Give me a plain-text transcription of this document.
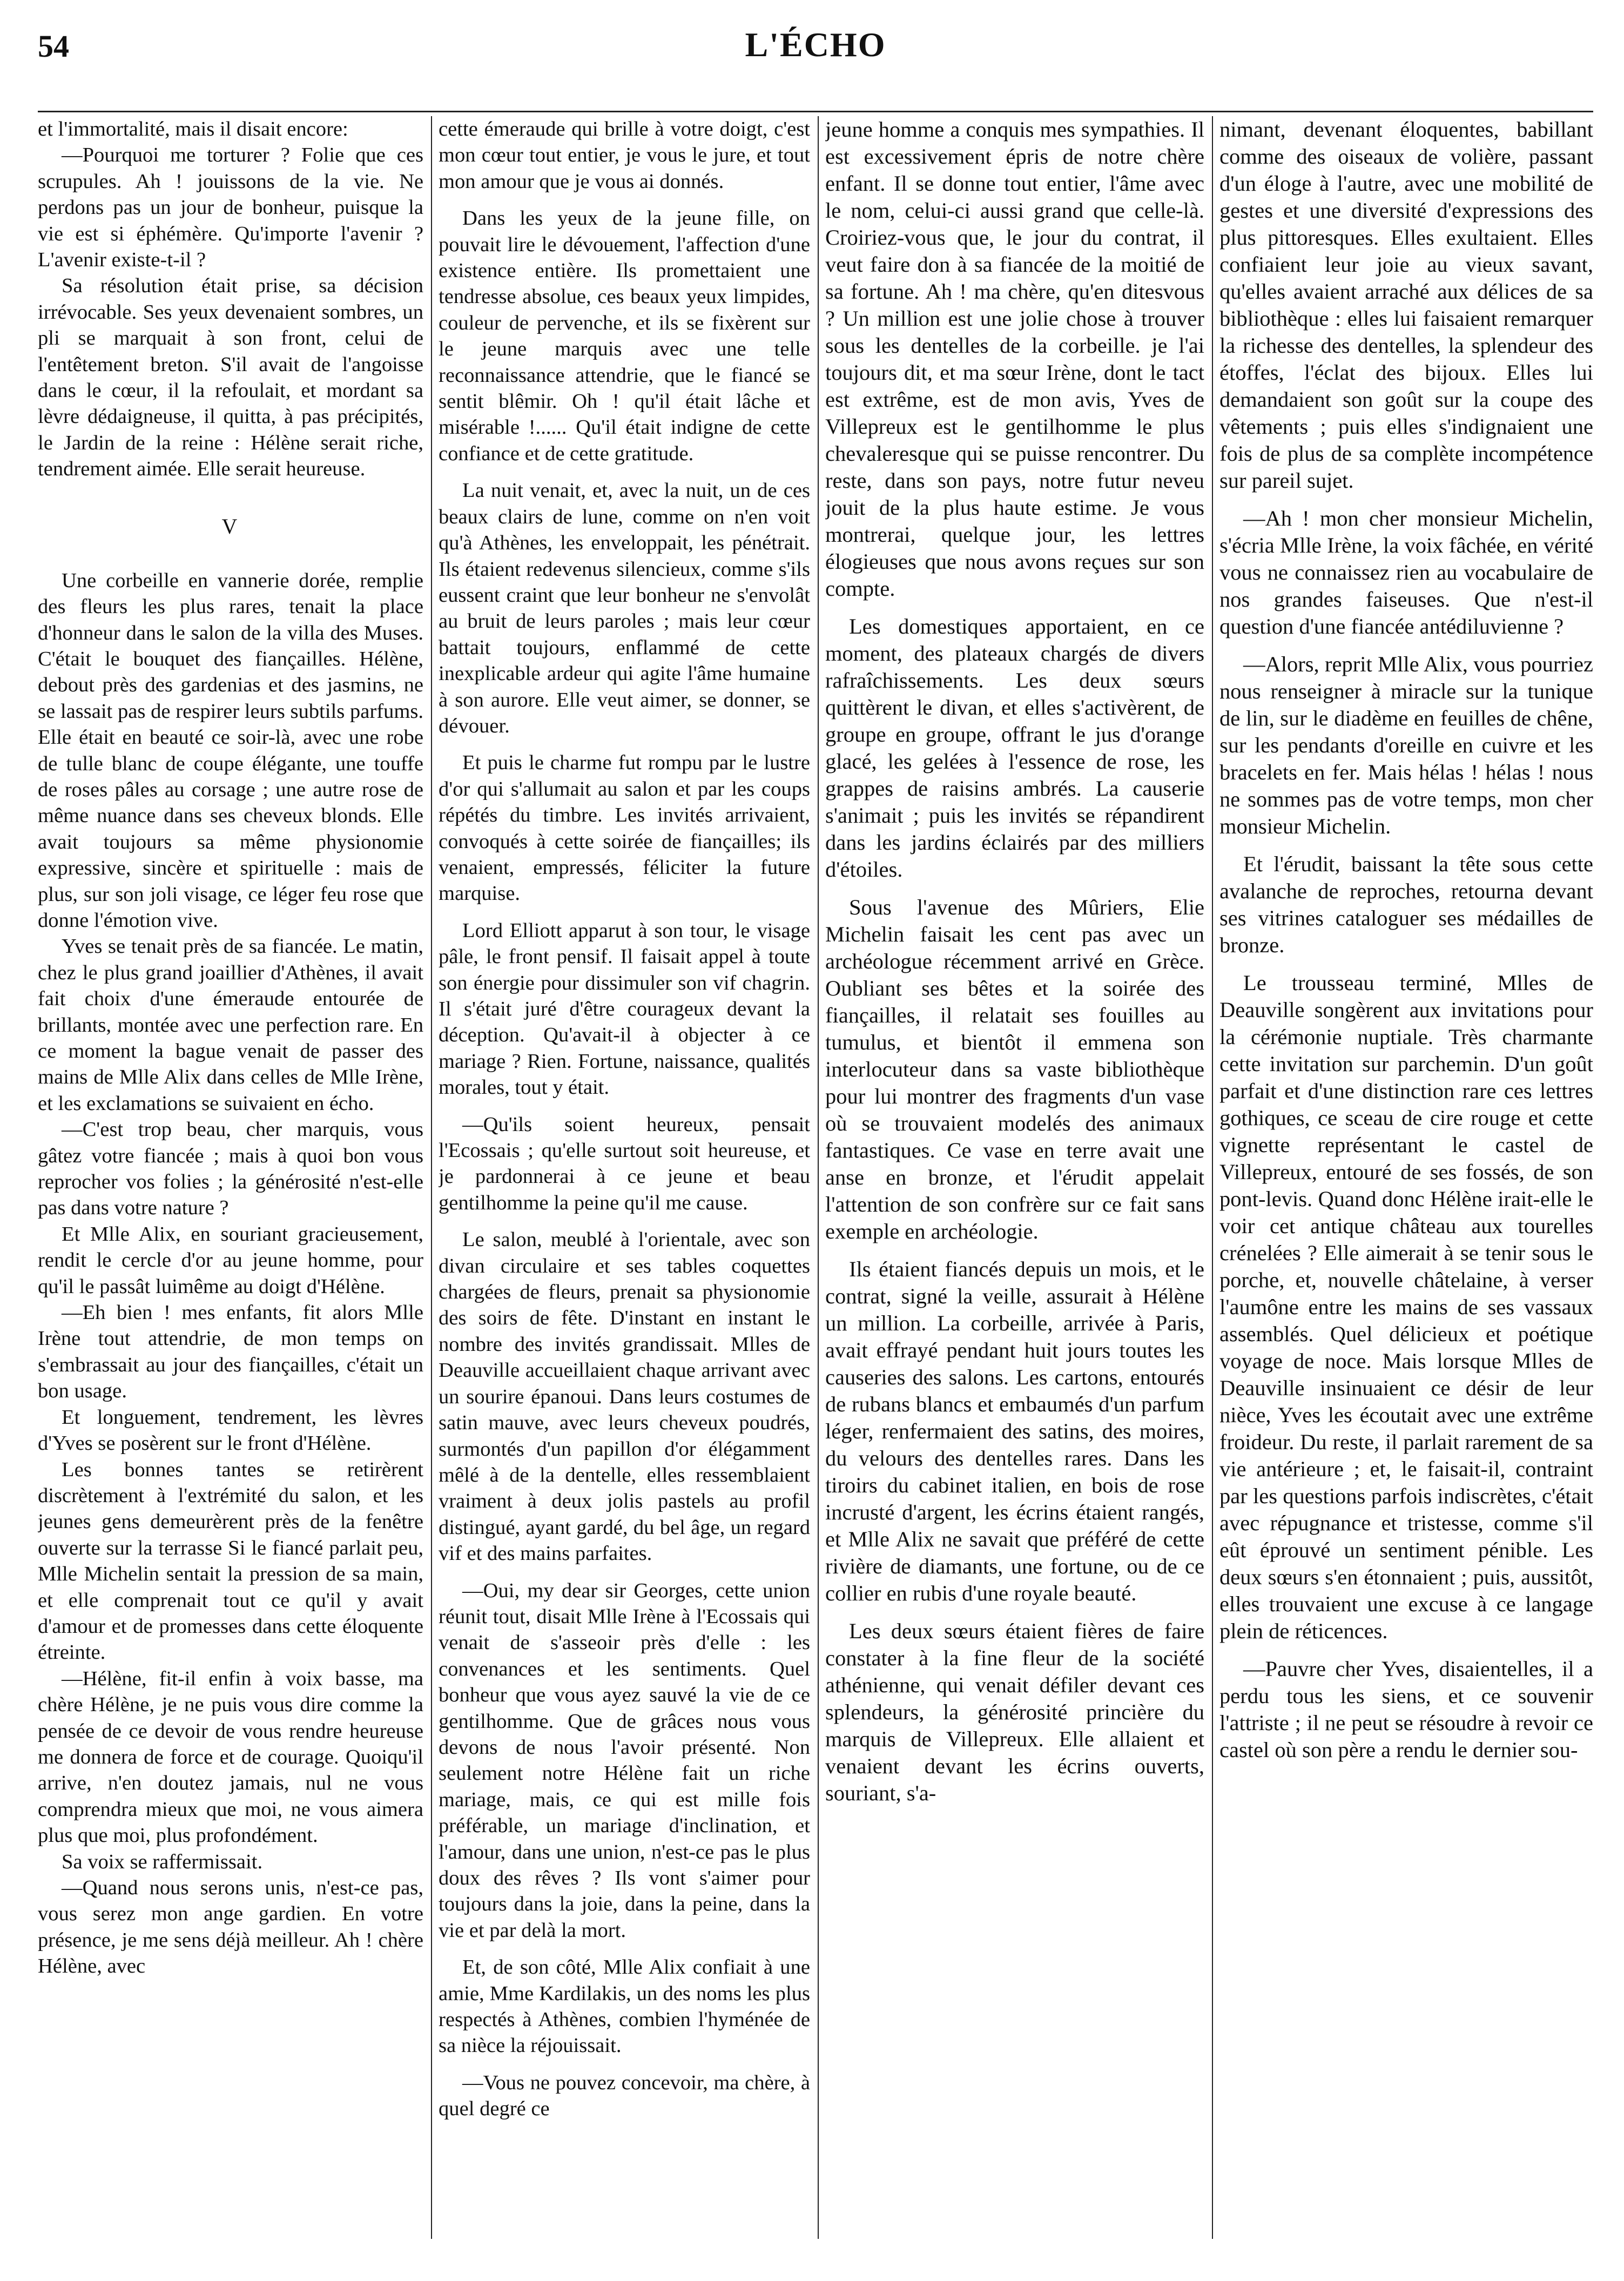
54	L'ÉCHO

et l'immortalité, mais il disait encore:

—Pourquoi me torturer ? Folie que ces scrupules. Ah ! jouissons de la vie. Ne perdons pas un jour de bonheur, puisque la vie est si éphémère. Qu'importe l'avenir ? L'avenir existe-t-il ?

Sa résolution était prise, sa décision irrévocable. Ses yeux devenaient sombres, un pli se marquait à son front, celui de l'entêtement breton. S'il avait de l'angoisse dans le cœur, il la refoulait, et mordant sa lèvre dédaigneuse, il quitta, à pas précipités, le Jardin de la reine : Hélène serait riche, tendrement aimée. Elle serait heureuse.

V

Une corbeille en vannerie dorée, remplie des fleurs les plus rares, tenait la place d'honneur dans le salon de la villa des Muses. C'était le bouquet des fiançailles. Hélène, debout près des gardenias et des jasmins, ne se lassait pas de respirer leurs subtils parfums. Elle était en beauté ce soir-là, avec une robe de tulle blanc de coupe élégante, une touffe de roses pâles au corsage ; une autre rose de même nuance dans ses cheveux blonds. Elle avait toujours sa même physionomie expressive, sincère et spirituelle : mais de plus, sur son joli visage, ce léger feu rose que donne l'émotion vive.

Yves se tenait près de sa fiancée. Le matin, chez le plus grand joaillier d'Athènes, il avait fait choix d'une émeraude entourée de brillants, montée avec une perfection rare. En ce moment la bague venait de passer des mains de Mlle Alix dans celles de Mlle Irène, et les exclamations se suivaient en écho.

—C'est trop beau, cher marquis, vous gâtez votre fiancée ; mais à quoi bon vous reprocher vos folies ; la générosité n'est-elle pas dans votre nature ?

Et Mlle Alix, en souriant gracieusement, rendit le cercle d'or au jeune homme, pour qu'il le passât luimême au doigt d'Hélène.

—Eh bien ! mes enfants, fit alors Mlle Irène tout attendrie, de mon temps on s'embrassait au jour des fiançailles, c'était un bon usage.

Et longuement, tendrement, les lèvres d'Yves se posèrent sur le front d'Hélène.

Les bonnes tantes se retirèrent discrètement à l'extrémité du salon, et les jeunes gens demeurèrent près de la fenêtre ouverte sur la terrasse Si le fiancé parlait peu, Mlle Michelin sentait la pression de sa main, et elle comprenait tout ce qu'il y avait d'amour et de promesses dans cette éloquente étreinte.

—Hélène, fit-il enfin à voix basse, ma chère Hélène, je ne puis vous dire comme la pensée de ce devoir de vous rendre heureuse me donnera de force et de courage. Quoiqu'il arrive, n'en doutez jamais, nul ne vous comprendra mieux que moi, ne vous aimera plus que moi, plus profondément.

Sa voix se raffermissait.

—Quand nous serons unis, n'est-ce pas, vous serez mon ange gardien. En votre présence, je me sens déjà meilleur. Ah ! chère Hélène, avec

cette émeraude qui brille à votre doigt, c'est mon cœur tout entier, je vous le jure, et tout mon amour que je vous ai donnés.

Dans les yeux de la jeune fille, on pouvait lire le dévouement, l'affection d'une existence entière. Ils promettaient une tendresse absolue, ces beaux yeux limpides, couleur de pervenche, et ils se fixèrent sur le jeune marquis avec une telle reconnaissance attendrie, que le fiancé se sentit blêmir. Oh ! qu'il était lâche et misérable !...... Qu'il était indigne de cette confiance et de cette gratitude.

La nuit venait, et, avec la nuit, un de ces beaux clairs de lune, comme on n'en voit qu'à Athènes, les enveloppait, les pénétrait. Ils étaient redevenus silencieux, comme s'ils eussent craint que leur bonheur ne s'envolât au bruit de leurs paroles ; mais leur cœur battait toujours, enflammé de cette inexplicable ardeur qui agite l'âme humaine à son aurore. Elle veut aimer, se donner, se dévouer.

Et puis le charme fut rompu par le lustre d'or qui s'allumait au salon et par les coups répétés du timbre. Les invités arrivaient, convoqués à cette soirée de fiançailles; ils venaient, empressés, féliciter la future marquise.

Lord Elliott apparut à son tour, le visage pâle, le front pensif. Il faisait appel à toute son énergie pour dissimuler son vif chagrin. Il s'était juré d'être courageux devant la déception. Qu'avait-il à objecter à ce mariage ? Rien. Fortune, naissance, qualités morales, tout y était.

—Qu'ils soient heureux, pensait l'Ecossais ; qu'elle surtout soit heureuse, et je pardonnerai à ce jeune et beau gentilhomme la peine qu'il me cause.

Le salon, meublé à l'orientale, avec son divan circulaire et ses tables coquettes chargées de fleurs, prenait sa physionomie des soirs de fête. D'instant en instant le nombre des invités grandissait. Mlles de Deauville accueillaient chaque arrivant avec un sourire épanoui. Dans leurs costumes de satin mauve, avec leurs cheveux poudrés, surmontés d'un papillon d'or élégamment mêlé à de la dentelle, elles ressemblaient vraiment à deux jolis pastels au profil distingué, ayant gardé, du bel âge, un regard vif et des mains parfaites.

—Oui, my dear sir Georges, cette union réunit tout, disait Mlle Irène à l'Ecossais qui venait de s'asseoir près d'elle : les convenances et les sentiments. Quel bonheur que vous ayez sauvé la vie de ce gentilhomme. Que de grâces nous vous devons de nous l'avoir présenté. Non seulement notre Hélène fait un riche mariage, mais, ce qui est mille fois préférable, un mariage d'inclination, et l'amour, dans une union, n'est-ce pas le plus doux des rêves ? Ils vont s'aimer pour toujours dans la joie, dans la peine, dans la vie et par delà la mort.

Et, de son côté, Mlle Alix confiait à une amie, Mme Kardilakis, un des noms les plus respectés à Athènes, combien l'hyménée de sa nièce la réjouissait.

—Vous ne pouvez concevoir, ma chère, à quel degré ce

jeune homme a conquis mes sympathies. Il est excessivement épris de notre chère enfant. Il se donne tout entier, l'âme avec le nom, celui-ci aussi grand que celle-là. Croiriez-vous que, le jour du contrat, il veut faire don à sa fiancée de la moitié de sa fortune. Ah ! ma chère, qu'en ditesvous ? Un million est une jolie chose à trouver sous les dentelles de la corbeille. je l'ai toujours dit, et ma sœur Irène, dont le tact est extrême, est de mon avis, Yves de Villepreux est le gentilhomme le plus chevaleresque qui se puisse rencontrer. Du reste, dans son pays, notre futur neveu jouit de la plus haute estime. Je vous montrerai, quelque jour, les lettres élogieuses que nous avons reçues sur son compte.

Les domestiques apportaient, en ce moment, des plateaux chargés de divers rafraîchissements. Les deux sœurs quittèrent le divan, et elles s'activèrent, de groupe en groupe, offrant le jus d'orange glacé, les gelées à l'essence de rose, les grappes de raisins ambrés. La causerie s'animait ; puis les invités se répandirent dans les jardins éclairés par des milliers d'étoiles.

Sous l'avenue des Mûriers, Elie Michelin faisait les cent pas avec un archéologue récemment arrivé en Grèce. Oubliant ses bêtes et la soirée des fiançailles, il relatait ses fouilles au tumulus, et bientôt il emmena son interlocuteur dans sa vaste bibliothèque pour lui montrer des fragments d'un vase où se trouvaient modelés des animaux fantastiques. Ce vase en terre avait une anse en bronze, et l'érudit appelait l'attention de son confrère sur ce fait sans exemple en archéologie.

Ils étaient fiancés depuis un mois, et le contrat, signé la veille, assurait à Hélène un million. La corbeille, arrivée à Paris, avait effrayé pendant huit jours toutes les causeries des salons. Les cartons, entourés de rubans blancs et embaumés d'un parfum léger, renfermaient des satins, des moires, du velours des dentelles rares. Dans les tiroirs du cabinet italien, en bois de rose incrusté d'argent, les écrins étaient rangés, et Mlle Alix ne savait que préféré de cette rivière de diamants, une fortune, ou de ce collier en rubis d'une royale beauté.

Les deux sœurs étaient fières de faire constater à la fine fleur de la société athénienne, qui venait défiler devant ces splendeurs, la générosité princière du marquis de Villepreux. Elle allaient et venaient devant les écrins ouverts, souriant, s'a-

nimant, devenant éloquentes, babillant comme des oiseaux de volière, passant d'un éloge à l'autre, avec une mobilité de gestes et une diversité d'expressions des plus pittoresques. Elles exultaient. Elles confiaient leur joie au vieux savant, qu'elles avaient arraché aux délices de sa bibliothèque : elles lui faisaient remarquer la richesse des dentelles, la splendeur des étoffes, l'éclat des bijoux. Elles lui demandaient son goût sur la coupe des vêtements ; puis elles s'indignaient une fois de plus de sa complète incompétence sur pareil sujet.

—Ah ! mon cher monsieur Michelin, s'écria Mlle Irène, la voix fâchée, en vérité vous ne connaissez rien au vocabulaire de nos grandes faiseuses. Que n'est-il question d'une fiancée antédiluvienne ?

—Alors, reprit Mlle Alix, vous pourriez nous renseigner à miracle sur la tunique de lin, sur le diadème en feuilles de chêne, sur les pendants d'oreille en cuivre et les bracelets en fer. Mais hélas ! hélas ! nous ne sommes pas de votre temps, mon cher monsieur Michelin.

Et l'érudit, baissant la tête sous cette avalanche de reproches, retourna devant ses vitrines cataloguer ses médailles de bronze.

Le trousseau terminé, Mlles de Deauville songèrent aux invitations pour la cérémonie nuptiale. Très charmante cette invitation sur parchemin. D'un goût parfait et d'une distinction rare ces lettres gothiques, ce sceau de cire rouge et cette vignette représentant le castel de Villepreux, entouré de ses fossés, de son pont-levis. Quand donc Hélène irait-elle le voir cet antique château aux tourelles crénelées ? Elle aimerait à se tenir sous le porche, et, nouvelle châtelaine, à verser l'aumône entre les mains de ses vassaux assemblés. Quel délicieux et poétique voyage de noce. Mais lorsque Mlles de Deauville insinuaient ce désir de leur nièce, Yves les écoutait avec une extrême froideur. Du reste, il parlait rarement de sa vie antérieure ; et, le faisait-il, contraint par les questions parfois indiscrètes, c'était avec répugnance et tristesse, comme s'il eût éprouvé un sentiment pénible. Les deux sœurs s'en étonnaient ; puis, aussitôt, elles trouvaient une excuse à ce langage plein de réticences.

—Pauvre cher Yves, disaientelles, il a perdu tous les siens, et ce souvenir l'attriste ; il ne peut se résoudre à revoir ce castel où son père a rendu le dernier sou-
